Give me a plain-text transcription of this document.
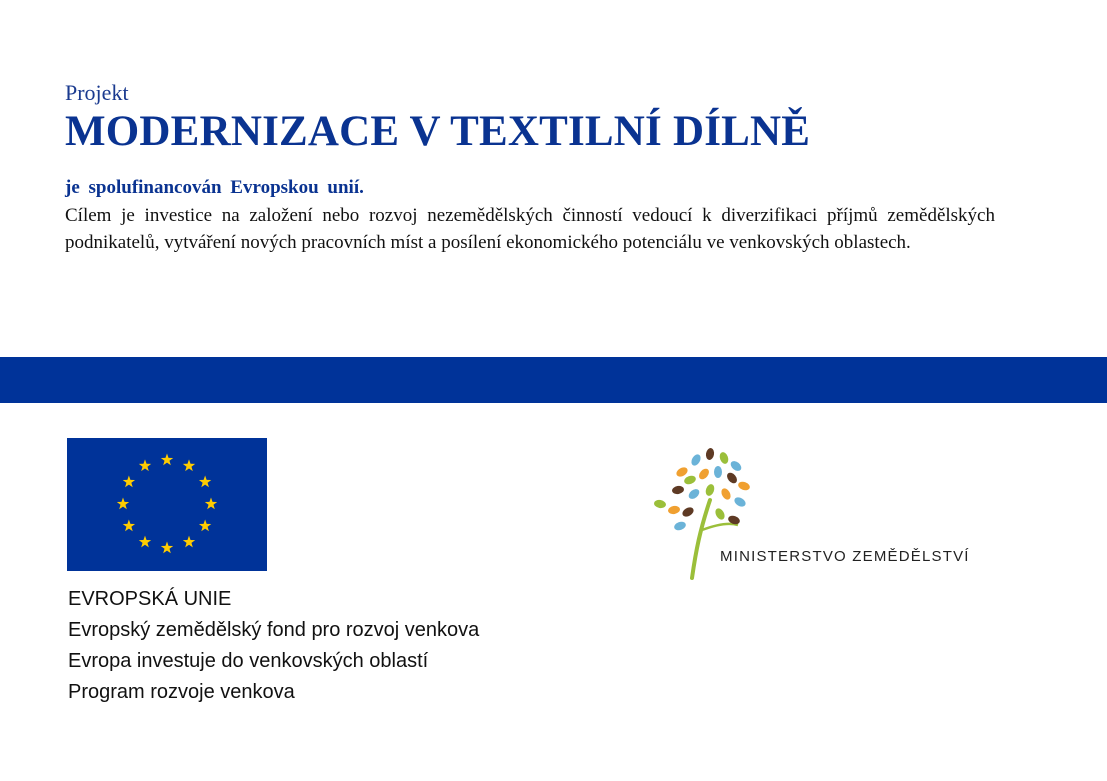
Projekt
MODERNIZACE V TEXTILNÍ DÍLNĚ
je spolufinancován Evropskou unií.
Cílem je investice na založení nebo rozvoj nezemědělských činností vedoucí k diverzifikaci příjmů zemědělských podnikatelů, vytváření nových pracovních míst a posílení ekonomického potenciálu ve venkovských oblastech.
EVROPSKÁ UNIE
Evropský zemědělský fond pro rozvoj venkova
Evropa investuje do venkovských oblastí
Program rozvoje venkova
MINISTERSTVO ZEMĚDĚLSTVÍ
